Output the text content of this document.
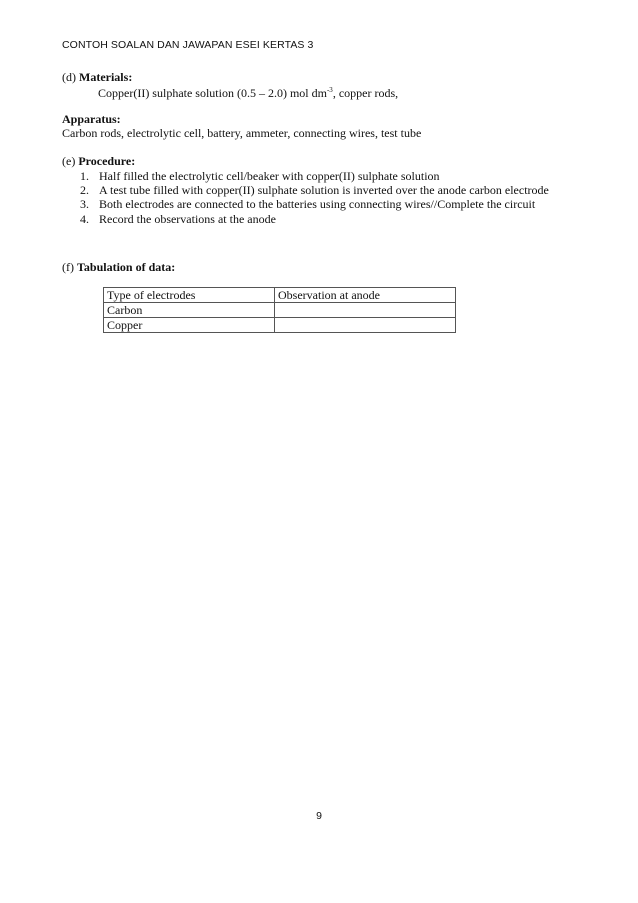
CONTOH SOALAN DAN JAWAPAN ESEI KERTAS 3
(d) Materials:
Copper(II) sulphate solution (0.5 – 2.0) mol $dm^{-3}$, copper rods,
Apparatus:
Carbon rods, electrolytic cell, battery, ammeter, connecting wires, test tube
(e) Procedure:
1. Half filled the electrolytic cell/beaker with copper(II) sulphate solution
2. A test tube filled with copper(II) sulphate solution is inverted over the anode carbon electrode
3. Both electrodes are connected to the batteries using connecting wires//Complete the circuit
4. Record the observations at the anode
(f) Tabulation of data:
Type of electrodes	Observation at anode
Carbon	
Copper	
9
